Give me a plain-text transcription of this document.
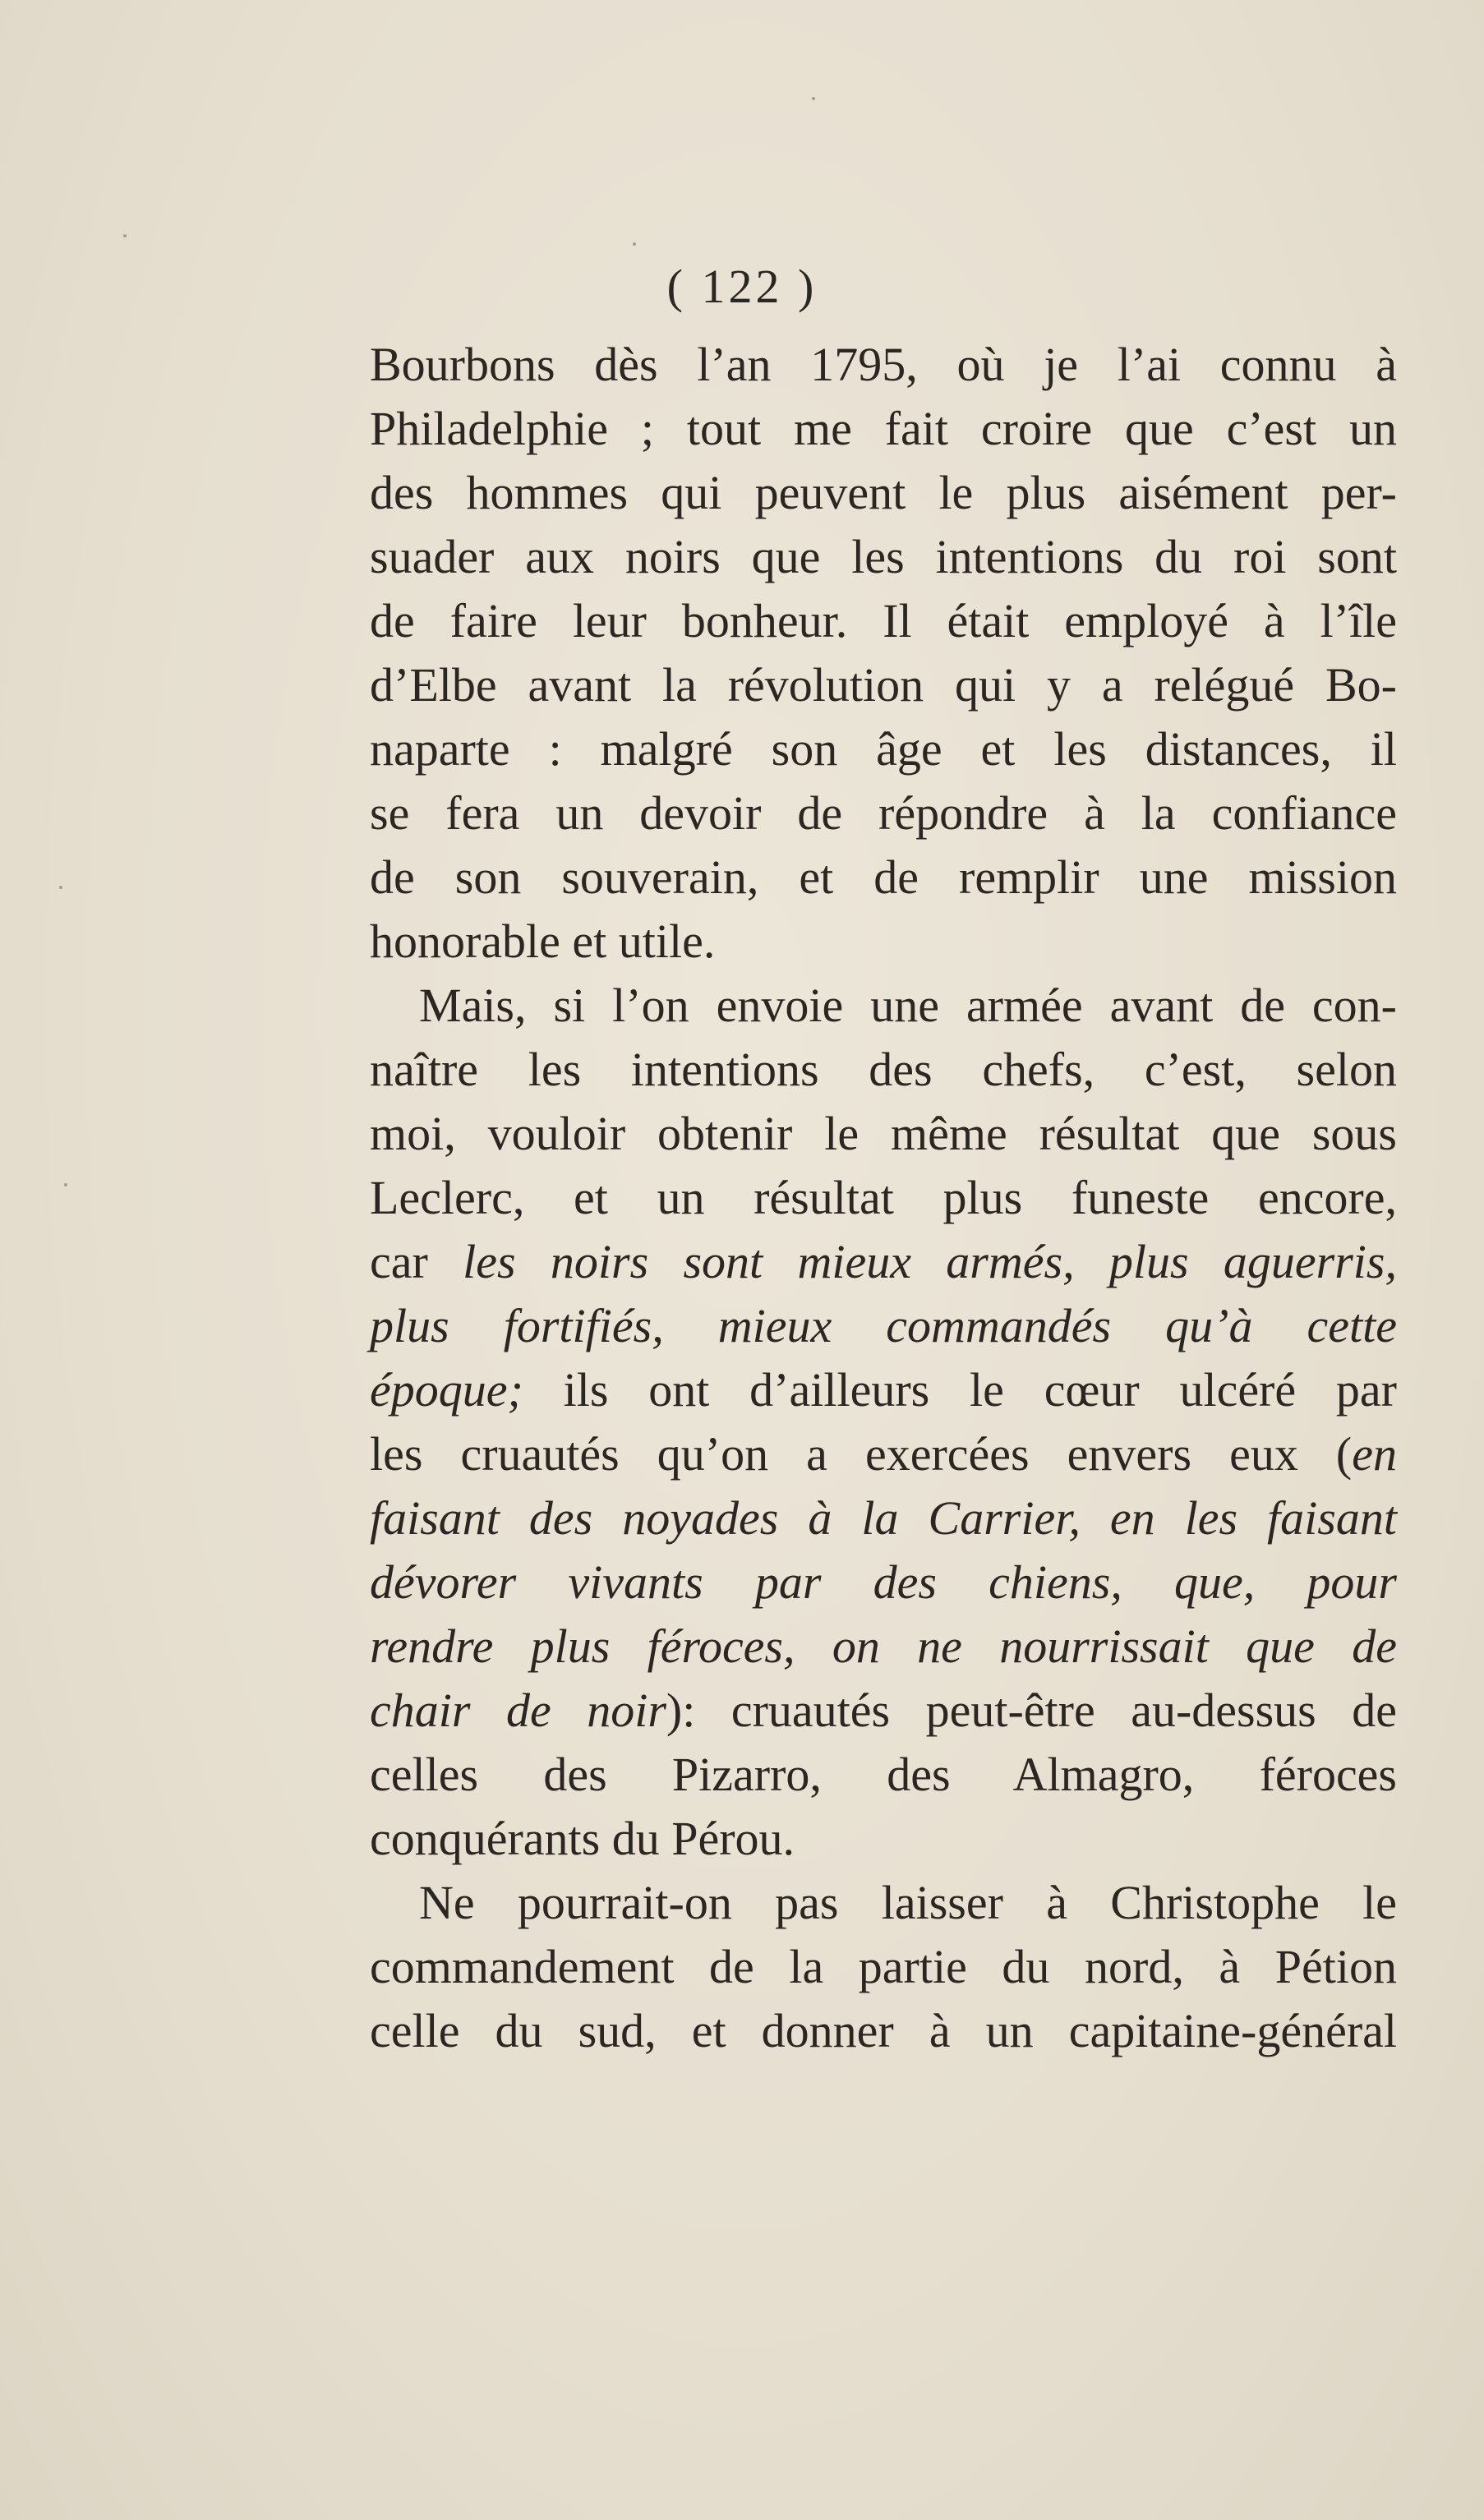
( 122 )
Bourbons dès l’an 1795, où je l’ai connu à
Philadelphie ; tout me fait croire que c’est un
des hommes qui peuvent le plus aisément per-
suader aux noirs que les intentions du roi sont
de faire leur bonheur. Il était employé à l’île
d’Elbe avant la révolution qui y a relégué Bo-
naparte : malgré son âge et les distances, il
se fera un devoir de répondre à la confiance
de son souverain, et de remplir une mission
honorable et utile.
Mais, si l’on envoie une armée avant de con-
naître les intentions des chefs, c’est, selon
moi, vouloir obtenir le même résultat que sous
Leclerc, et un résultat plus funeste encore,
car les noirs sont mieux armés, plus aguerris,
plus fortifiés, mieux commandés qu’à cette
époque; ils ont d’ailleurs le cœur ulcéré par
les cruautés qu’on a exercées envers eux (en
faisant des noyades à la Carrier, en les faisant
dévorer vivants par des chiens, que, pour
rendre plus féroces, on ne nourrissait que de
chair de noir): cruautés peut-être au-dessus de
celles des Pizarro, des Almagro, féroces
conquérants du Pérou.
Ne pourrait-on pas laisser à Christophe le
commandement de la partie du nord, à Pétion
celle du sud, et donner à un capitaine-général
